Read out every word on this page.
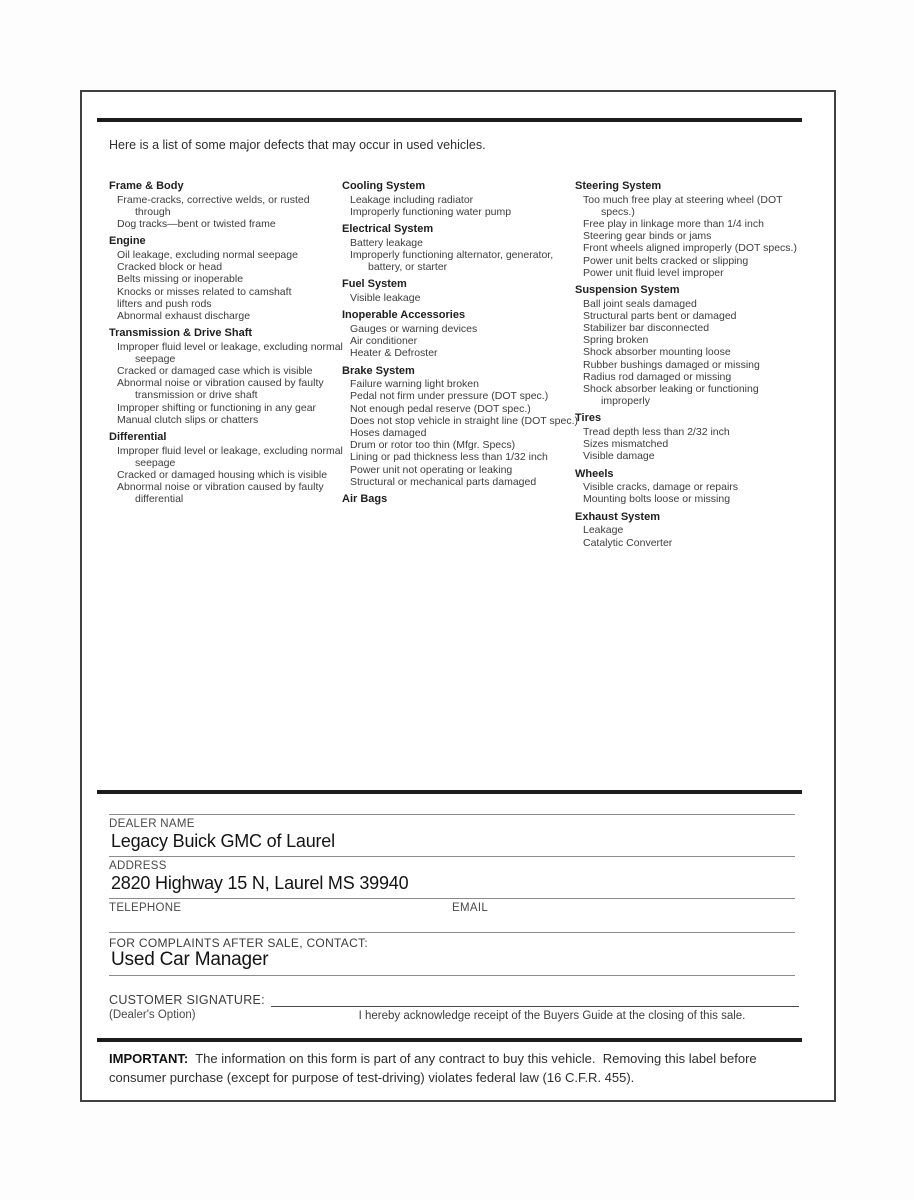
Here is a list of some major defects that may occur in used vehicles.
Frame & Body
Frame-cracks, corrective welds, or rusted through
Dog tracks—bent or twisted frame
Engine
Oil leakage, excluding normal seepage
Cracked block or head
Belts missing or inoperable
Knocks or misses related to camshaft
lifters and push rods
Abnormal exhaust discharge
Transmission & Drive Shaft
Improper fluid level or leakage, excluding normal seepage
Cracked or damaged case which is visible
Abnormal noise or vibration caused by faulty transmission or drive shaft
Improper shifting or functioning in any gear
Manual clutch slips or chatters
Differential
Improper fluid level or leakage, excluding normal seepage
Cracked or damaged housing which is visible
Abnormal noise or vibration caused by faulty differential
Cooling System
Leakage including radiator
Improperly functioning water pump
Electrical System
Battery leakage
Improperly functioning alternator, generator, battery, or starter
Fuel System
Visible leakage
Inoperable Accessories
Gauges or warning devices
Air conditioner
Heater & Defroster
Brake System
Failure warning light broken
Pedal not firm under pressure (DOT spec.)
Not enough pedal reserve (DOT spec.)
Does not stop vehicle in straight line (DOT spec.)
Hoses damaged
Drum or rotor too thin (Mfgr. Specs)
Lining or pad thickness less than 1/32 inch
Power unit not operating or leaking
Structural or mechanical parts damaged
Air Bags
Steering System
Too much free play at steering wheel (DOT specs.)
Free play in linkage more than 1/4 inch
Steering gear binds or jams
Front wheels aligned improperly (DOT specs.)
Power unit belts cracked or slipping
Power unit fluid level improper
Suspension System
Ball joint seals damaged
Structural parts bent or damaged
Stabilizer bar disconnected
Spring broken
Shock absorber mounting loose
Rubber bushings damaged or missing
Radius rod damaged or missing
Shock absorber leaking or functioning improperly
Tires
Tread depth less than 2/32 inch
Sizes mismatched
Visible damage
Wheels
Visible cracks, damage or repairs
Mounting bolts loose or missing
Exhaust System
Leakage
Catalytic Converter
DEALER NAME
Legacy Buick GMC of Laurel
ADDRESS
2820 Highway 15 N, Laurel MS 39940
TELEPHONE	EMAIL
FOR COMPLAINTS AFTER SALE, CONTACT:
Used Car Manager
CUSTOMER SIGNATURE:
(Dealer's Option)	I hereby acknowledge receipt of the Buyers Guide at the closing of this sale.
IMPORTANT: The information on this form is part of any contract to buy this vehicle.  Removing this label before consumer purchase (except for purpose of test-driving) violates federal law (16 C.F.R. 455).
